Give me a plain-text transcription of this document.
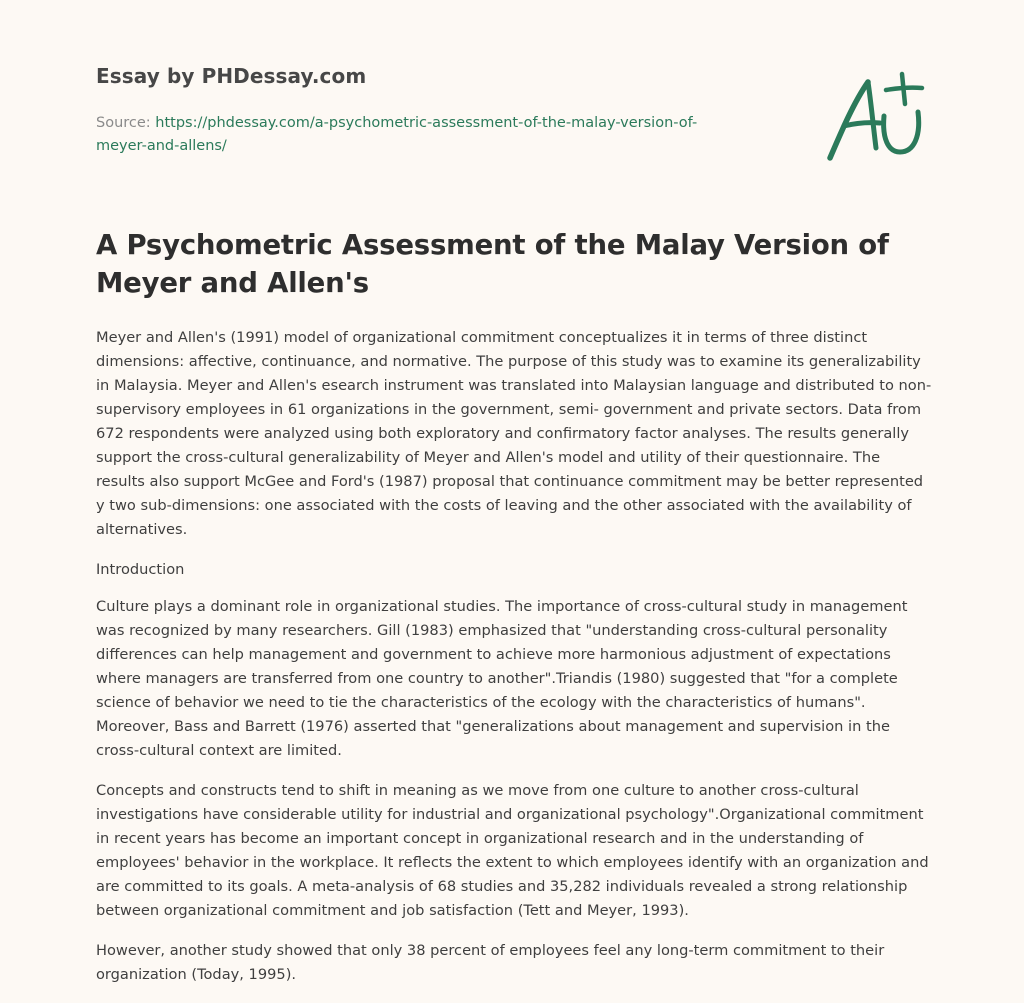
Essay by PHDessay.com
Source: https://phdessay.com/a-psychometric-assessment-of-the-malay-version-of-
meyer-and-allens/
A Psychometric Assessment of the Malay Version of Meyer and Allen's

Meyer and Allen's (1991) model of organizational commitment conceptualizes it in terms of three distinct dimensions: affective, continuance, and normative. The purpose of this study was to examine its generalizability in Malaysia. Meyer and Allen's esearch instrument was translated into Malaysian language and distributed to non-supervisory employees in 61 organizations in the government, semi- government and private sectors. Data from 672 respondents were analyzed using both exploratory and confirmatory factor analyses. The results generally support the cross-cultural generalizability of Meyer and Allen's model and utility of their questionnaire. The results also support McGee and Ford's (1987) proposal that continuance commitment may be better represented y two sub-dimensions: one associated with the costs of leaving and the other associated with the availability of alternatives.

Introduction

Culture plays a dominant role in organizational studies. The importance of cross-cultural study in management was recognized by many researchers. Gill (1983) emphasized that "understanding cross-cultural personality differences can help management and government to achieve more harmonious adjustment of expectations where managers are transferred from one country to another".Triandis (1980) suggested that "for a complete science of behavior we need to tie the characteristics of the ecology with the characteristics of humans". Moreover, Bass and Barrett (1976) asserted that "generalizations about management and supervision in the cross-cultural context are limited.

Concepts and constructs tend to shift in meaning as we move from one culture to another cross-cultural investigations have considerable utility for industrial and organizational psychology".Organizational commitment in recent years has become an important concept in organizational research and in the understanding of employees' behavior in the workplace. It reflects the extent to which employees identify with an organization and are committed to its goals. A meta-analysis of 68 studies and 35,282 individuals revealed a strong relationship between organizational commitment and job satisfaction (Tett and Meyer, 1993).

However, another study showed that only 38 percent of employees feel any long-term commitment to their organization (Today, 1995).
